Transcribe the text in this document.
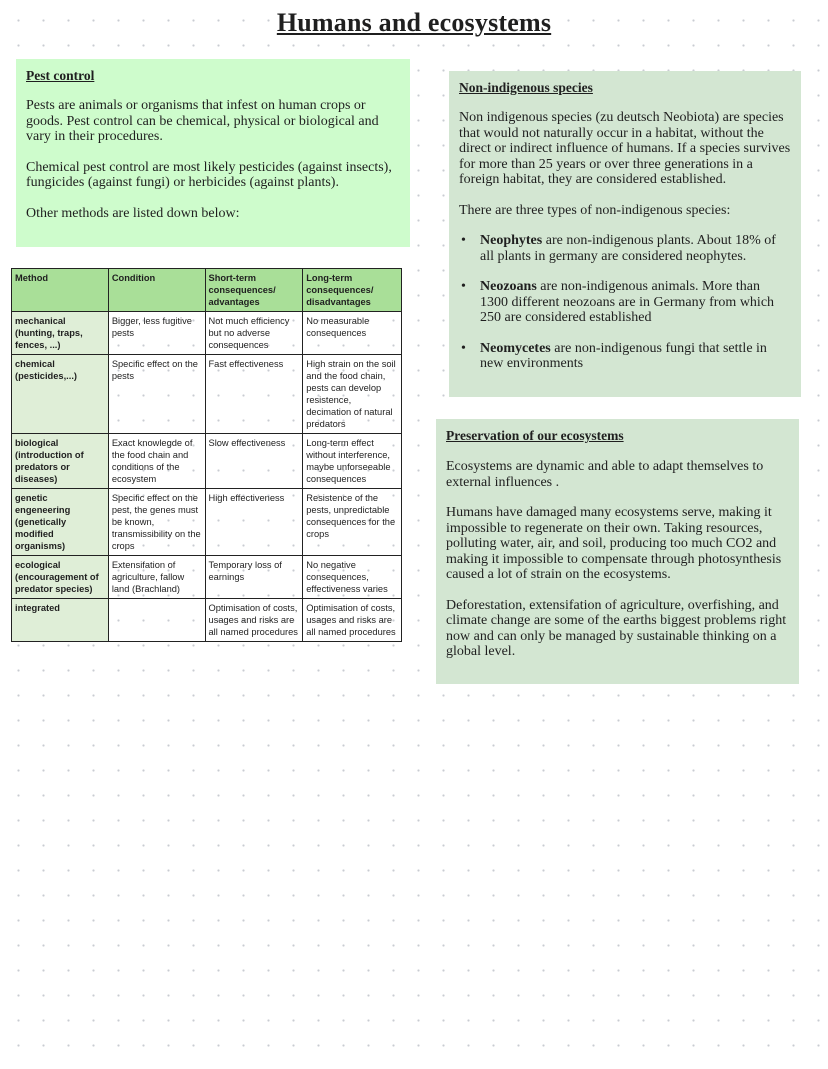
Humans and ecosystems
Pest control

Pests are animals or organisms that infest on human crops or goods. Pest control can be chemical, physical or biological and vary in their procedures.

Chemical pest control are most likely pesticides (against insects), fungicides (against fungi) or herbicides (against plants).

Other methods are listed down below:

Method	Condition	Short-term consequences/ advantages	Long-term consequences/ disadvantages
mechanical (hunting, traps, fences, ...)	Bigger, less fugitive pests	Not much efficiency but no adverse consequences	No measurable consequences
chemical (pesticides,...)	Specific effect on the pests	Fast effectiveness	High strain on the soil and the food chain, pests can develop resistence, decimation of natural predators
biological (introduction of predators or diseases)	Exact knowlegde of the food chain and conditions of the ecosystem	Slow effectiveness	Long-term effect without interference, maybe unforseeable consequences
genetic engeneering (genetically modified organisms)	Specific effect on the pest, the genes must be known, transmissibility on the crops	High effectiveness	Resistence of the pests, unpredictable consequences for the crops
ecological (encouragement of predator species)	Extensifation of agriculture, fallow land (Brachland)	Temporary loss of earnings	No negative consequences, effectiveness varies
integrated		Optimisation of costs, usages and risks are all named procedures	Optimisation of costs, usages and risks are all named procedures
Non-indigenous species

Non indigenous species (zu deutsch Neobiota) are species that would not naturally occur in a habitat, without the direct or indirect influence of humans. If a species survives for more than 25 years or over three generations in a foreign habitat, they are considered established.

There are three types of non-indigenous species:

• Neophytes are non-indigenous plants. About 18% of all plants in germany are considered neophytes.
• Neozoans are non-indigenous animals. More than 1300 different neozoans are in Germany from which 250 are considered established
• Neomycetes are non-indigenous fungi that settle in new environments
Preservation of our ecosystems

Ecosystems are dynamic and able to adapt themselves to external influences .

Humans have damaged many ecosystems serve, making it impossible to regenerate on their own. Taking resources, polluting water, air, and soil, producing too much CO2 and making it impossible to compensate through photosynthesis caused a lot of strain on the ecosystems.

Deforestation, extensifation of agriculture, overfishing, and climate change are some of the earths biggest problems right now and can only be managed by sustainable thinking on a global level.
